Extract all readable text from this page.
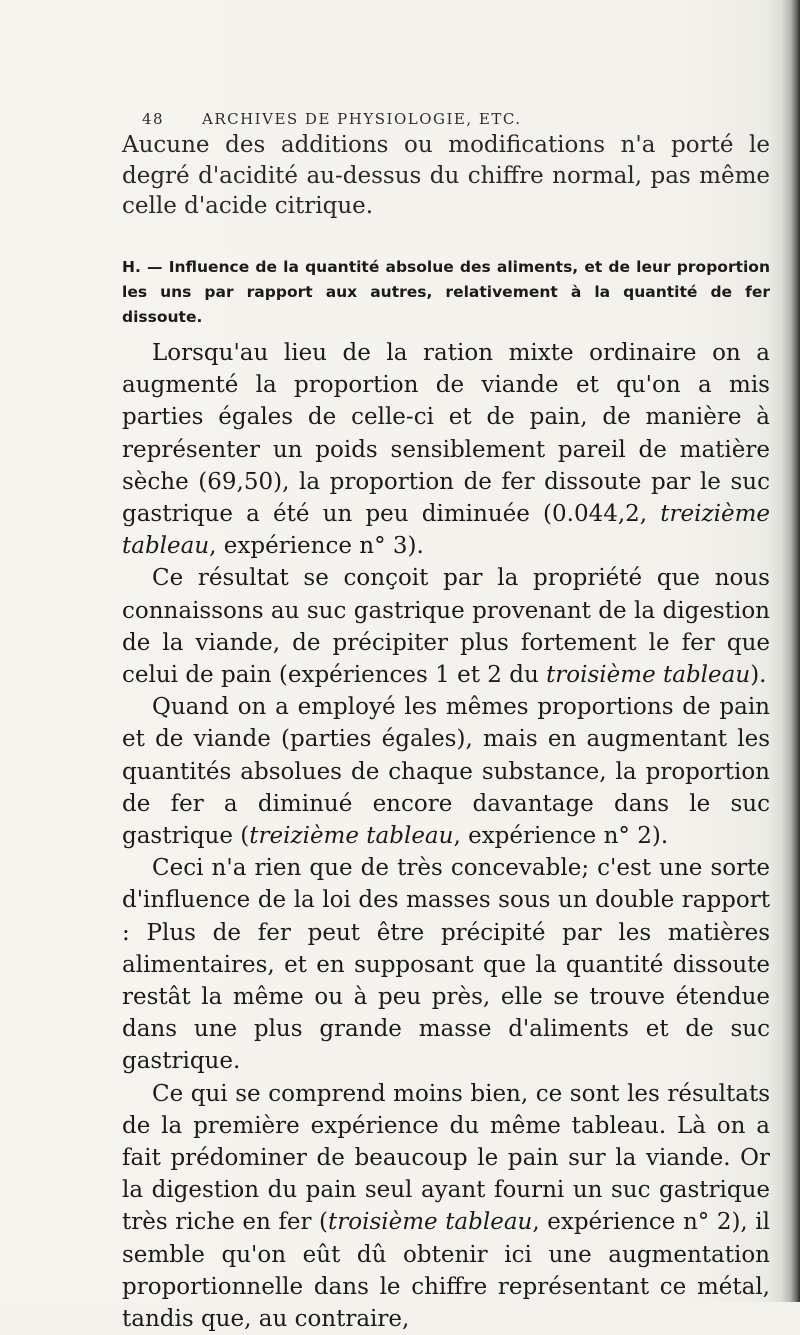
48	ARCHIVES DE PHYSIOLOGIE, ETC.

Aucune des additions ou modifications n'a porté le degré d'acidité au-dessus du chiffre normal, pas même celle d'acide citrique.

H. — Influence de la quantité absolue des aliments, et de leur proportion les uns par rapport aux autres, relativement à la quantité de fer dissoute.

Lorsqu'au lieu de la ration mixte ordinaire on a augmenté la proportion de viande et qu'on a mis parties égales de celle-ci et de pain, de manière à représenter un poids sensiblement pareil de matière sèche (69,50), la proportion de fer dissoute par le suc gastrique a été un peu diminuée (0.044,2, treizième tableau, expérience n° 3).

Ce résultat se conçoit par la propriété que nous connaissons au suc gastrique provenant de la digestion de la viande, de précipiter plus fortement le fer que celui de pain (expériences 1 et 2 du troisième tableau).

Quand on a employé les mêmes proportions de pain et de viande (parties égales), mais en augmentant les quantités absolues de chaque substance, la proportion de fer a diminué encore davantage dans le suc gastrique (treizième tableau, expérience n° 2).

Ceci n'a rien que de très concevable; c'est une sorte d'influence de la loi des masses sous un double rapport : Plus de fer peut être précipité par les matières alimentaires, et en supposant que la quantité dissoute restât la même ou à peu près, elle se trouve étendue dans une plus grande masse d'aliments et de suc gastrique.

Ce qui se comprend moins bien, ce sont les résultats de la première expérience du même tableau. Là on a fait prédominer de beaucoup le pain sur la viande. Or la digestion du pain seul ayant fourni un suc gastrique très riche en fer (troisième tableau, expérience n° 2), il semble qu'on eût dû obtenir ici une augmentation proportionnelle dans le chiffre représentant ce métal, tandis que, au contraire,
